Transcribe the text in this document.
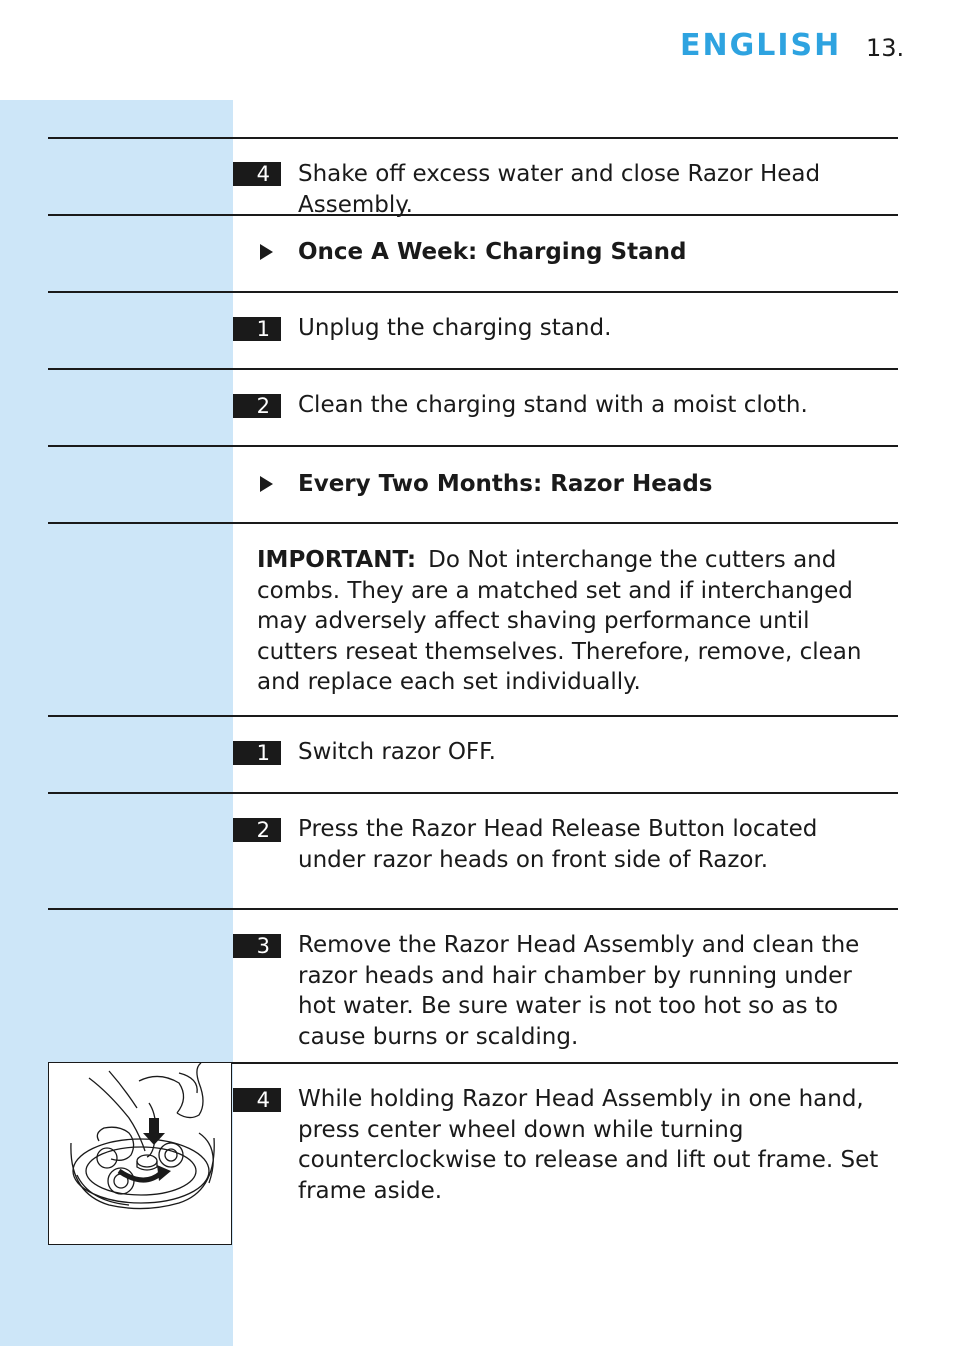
ENGLISH 13.
4	Shake off excess water and close Razor Head Assembly.
Once A Week: Charging Stand
1	Unplug the charging stand.
2	Clean the charging stand with a moist cloth.
Every Two Months: Razor Heads
IMPORTANT: Do Not interchange the cutters and combs. They are a matched set and if interchanged may adversely affect shaving performance until cutters reseat themselves. Therefore, remove, clean and replace each set individually.
1	Switch razor OFF.
2	Press the Razor Head Release Button located under razor heads on front side of Razor.
3	Remove the Razor Head Assembly and clean the razor heads and hair chamber by running under hot water. Be sure water is not too hot so as to cause burns or scalding.
4	While holding Razor Head Assembly in one hand, press center wheel down while turning counterclockwise to release and lift out frame. Set frame aside.
